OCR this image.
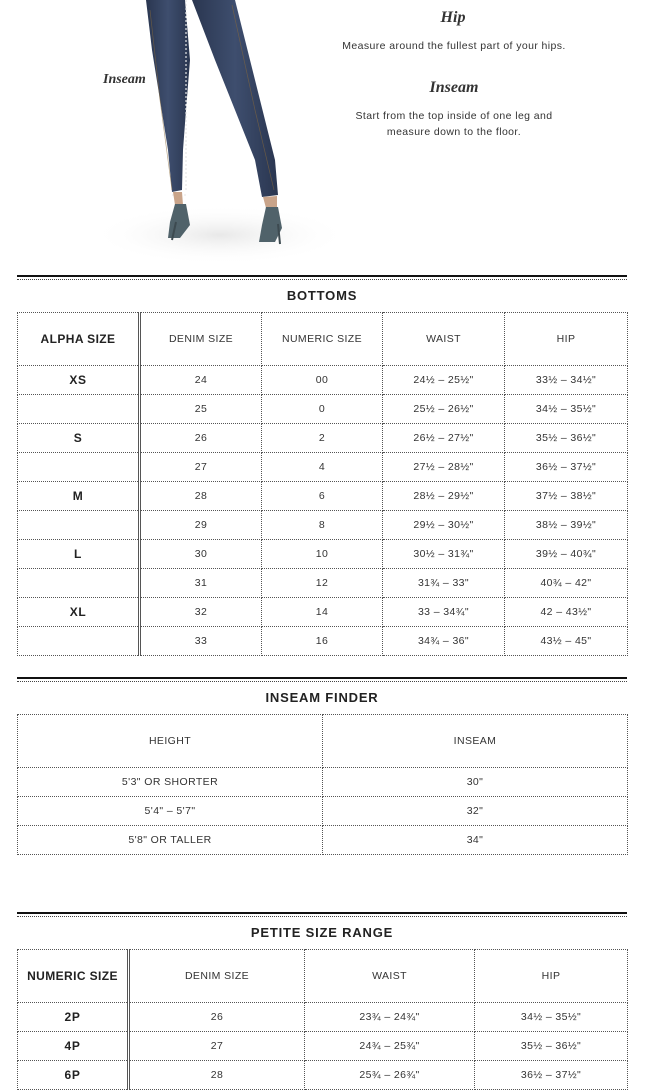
Inseam
Hip
Measure around the fullest part of your hips.
Inseam
Start from the top inside of one leg and
measure down to the floor.
BOTTOMS
ALPHA SIZE	DENIM SIZE	NUMERIC SIZE	WAIST	HIP
XS	24	00	24½ – 25½"	33½ – 34½"
	25	0	25½ – 26½"	34½ – 35½"
S	26	2	26½ – 27½"	35½ – 36½"
	27	4	27½ – 28½"	36½ – 37½"
M	28	6	28½ – 29½"	37½ – 38½"
	29	8	29½ – 30½"	38½ – 39½"
L	30	10	30½ – 31¾"	39½ – 40¾"
	31	12	31¾ – 33"	40¾ – 42"
XL	32	14	33 – 34¾"	42 – 43½"
	33	16	34¾ – 36"	43½ – 45"
INSEAM FINDER
HEIGHT	INSEAM
5'3" OR SHORTER	30"
5'4" – 5'7"	32"
5'8" OR TALLER	34"
PETITE SIZE RANGE
NUMERIC SIZE	DENIM SIZE	WAIST	HIP
2P	26	23¾ – 24¾"	34½ – 35½"
4P	27	24¾ – 25¾"	35½ – 36½"
6P	28	25¾ – 26¾"	36½ – 37½"
